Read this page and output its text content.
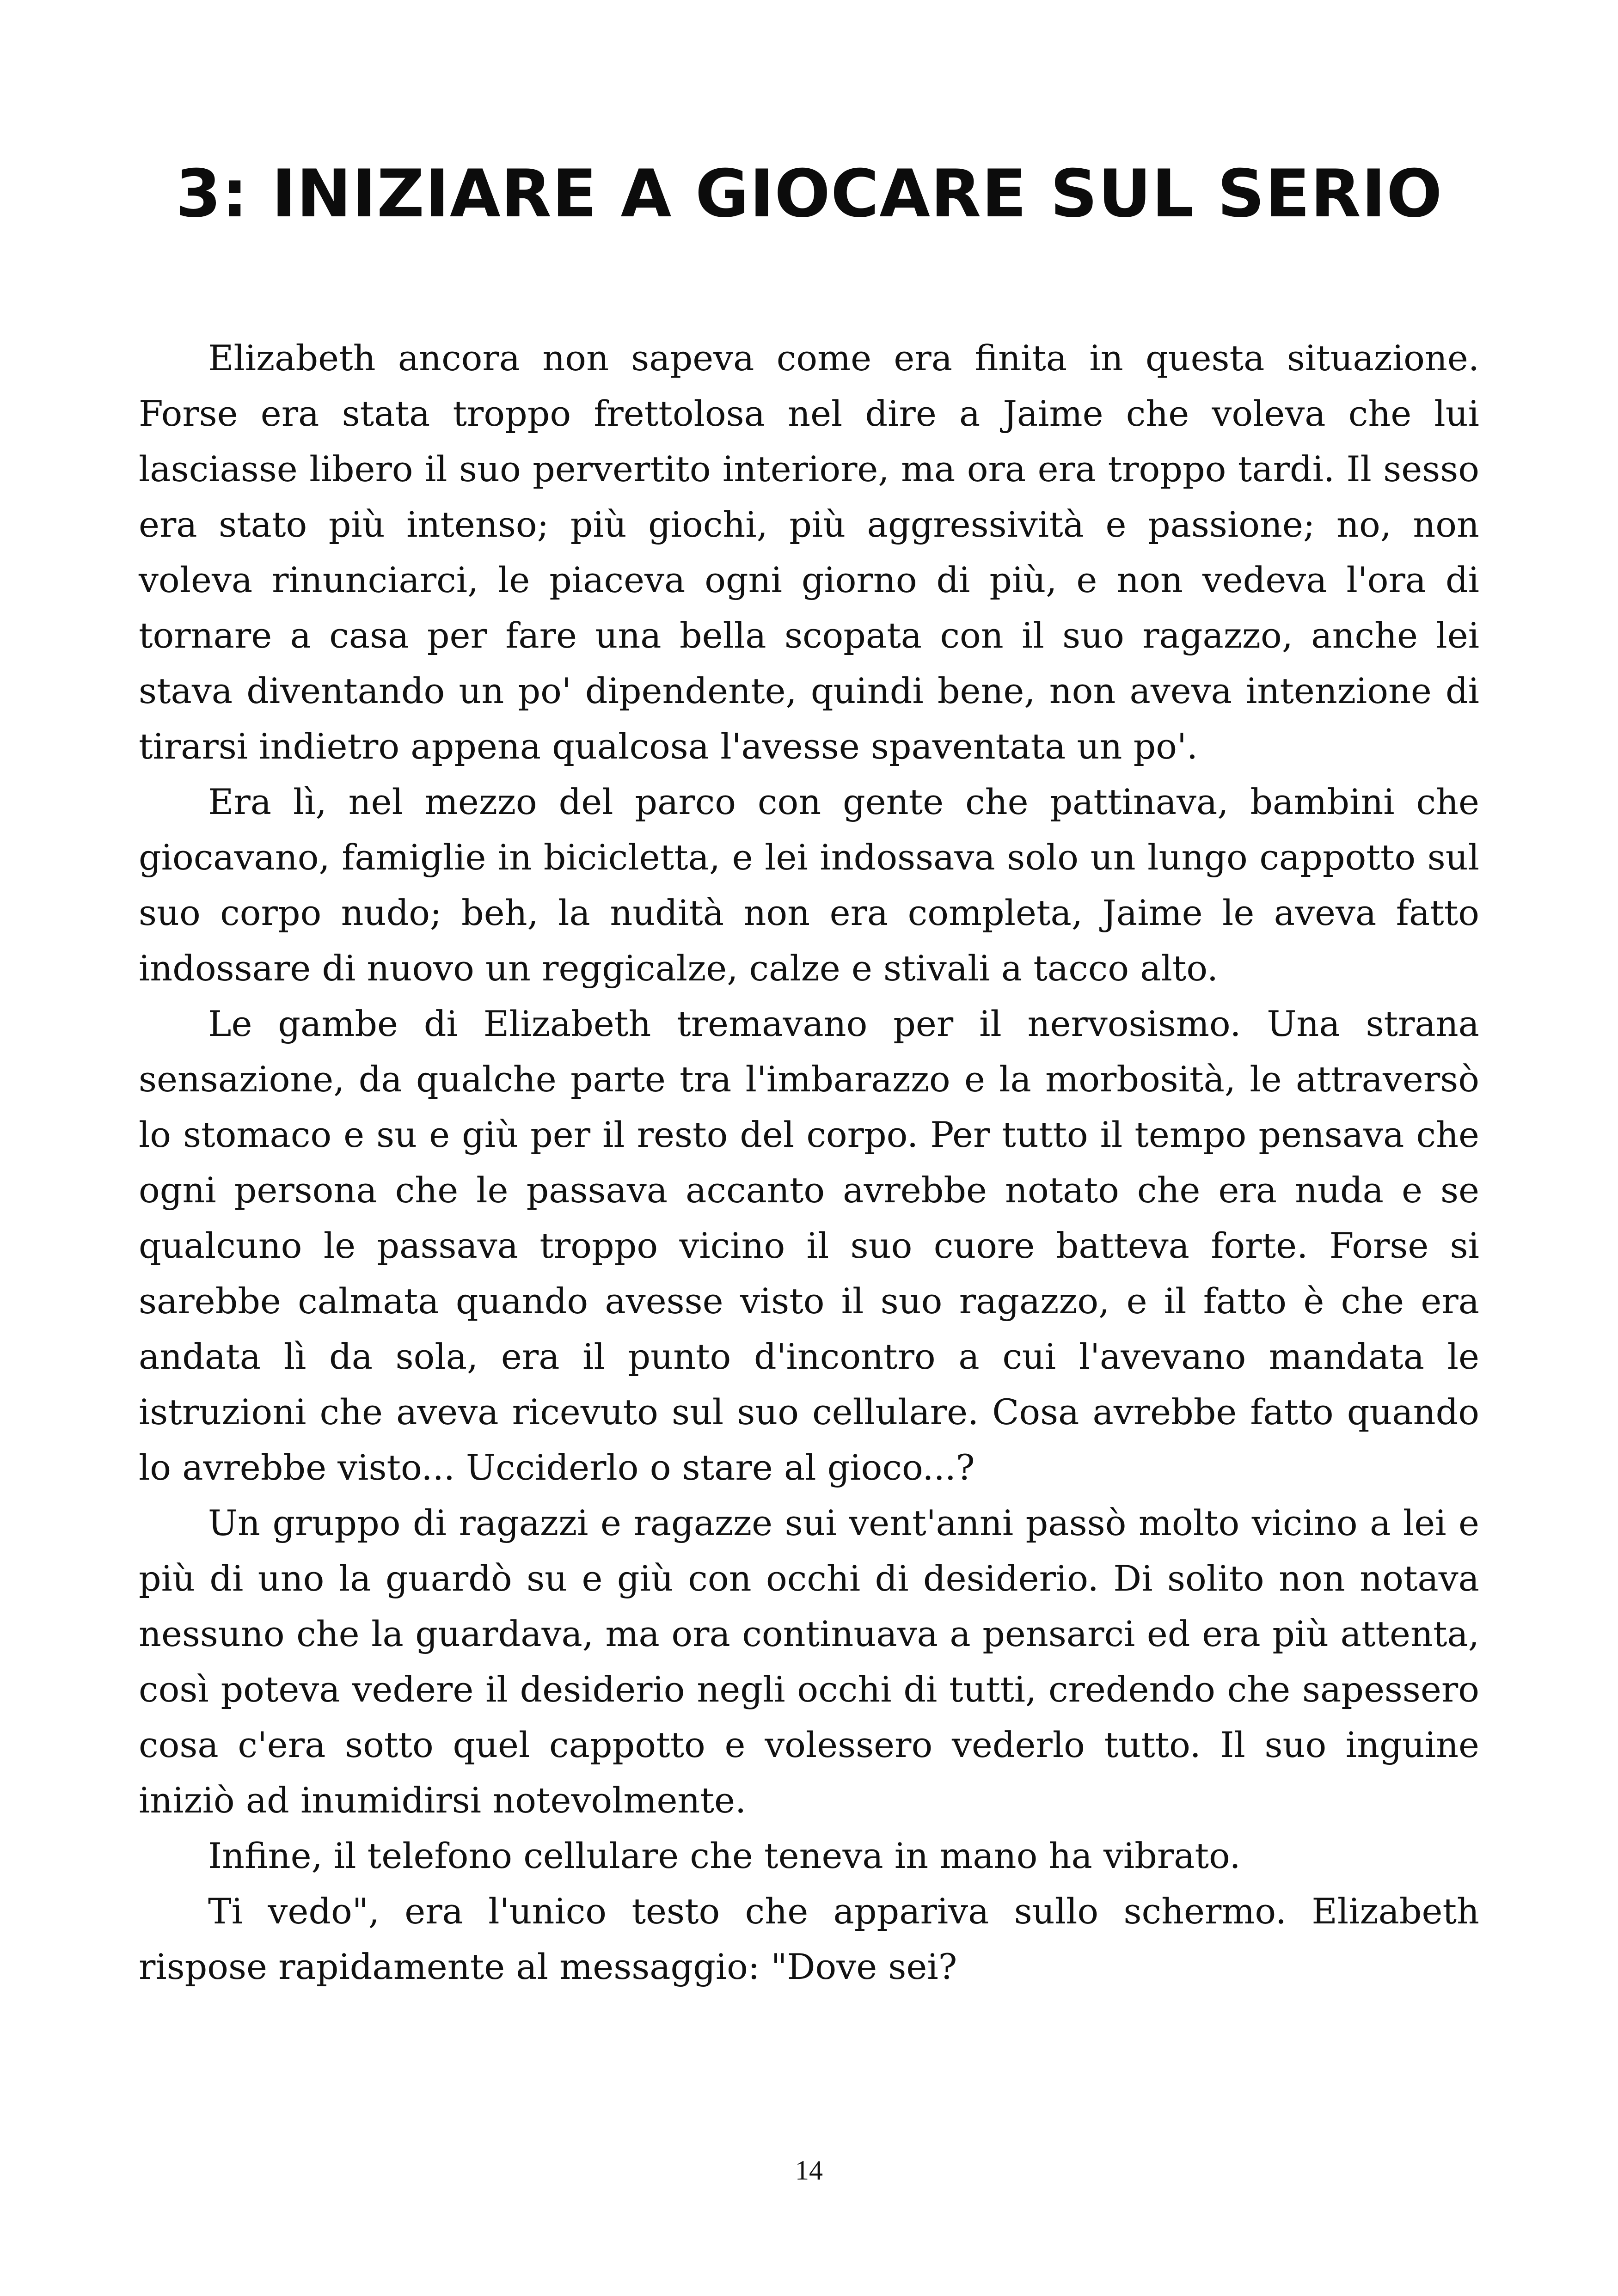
3: INIZIARE A GIOCARE SUL SERIO

Elizabeth ancora non sapeva come era finita in questa situazione. Forse era stata troppo frettolosa nel dire a Jaime che voleva che lui lasciasse libero il suo pervertito interiore, ma ora era troppo tardi. Il sesso era stato più intenso; più giochi, più aggressività e passione; no, non voleva rinunciarci, le piaceva ogni giorno di più, e non vedeva l'ora di tornare a casa per fare una bella scopata con il suo ragazzo, anche lei stava diventando un po' dipendente, quindi bene, non aveva intenzione di tirarsi indietro appena qualcosa l'avesse spaventata un po'.

Era lì, nel mezzo del parco con gente che pattinava, bambini che giocavano, famiglie in bicicletta, e lei indossava solo un lungo cappotto sul suo corpo nudo; beh, la nudità non era completa, Jaime le aveva fatto indossare di nuovo un reggicalze, calze e stivali a tacco alto.

Le gambe di Elizabeth tremavano per il nervosismo. Una strana sensazione, da qualche parte tra l'imbarazzo e la morbosità, le attraversò lo stomaco e su e giù per il resto del corpo. Per tutto il tempo pensava che ogni persona che le passava accanto avrebbe notato che era nuda e se qualcuno le passava troppo vicino il suo cuore batteva forte. Forse si sarebbe calmata quando avesse visto il suo ragazzo, e il fatto è che era andata lì da sola, era il punto d'incontro a cui l'avevano mandata le istruzioni che aveva ricevuto sul suo cellulare. Cosa avrebbe fatto quando lo avrebbe visto... Ucciderlo o stare al gioco...?

Un gruppo di ragazzi e ragazze sui vent'anni passò molto vicino a lei e più di uno la guardò su e giù con occhi di desiderio. Di solito non notava nessuno che la guardava, ma ora continuava a pensarci ed era più attenta, così poteva vedere il desiderio negli occhi di tutti, credendo che sapessero cosa c'era sotto quel cappotto e volessero vederlo tutto. Il suo inguine iniziò ad inumidirsi notevolmente.

Infine, il telefono cellulare che teneva in mano ha vibrato.

Ti vedo", era l'unico testo che appariva sullo schermo. Elizabeth rispose rapidamente al messaggio: "Dove sei?

14
